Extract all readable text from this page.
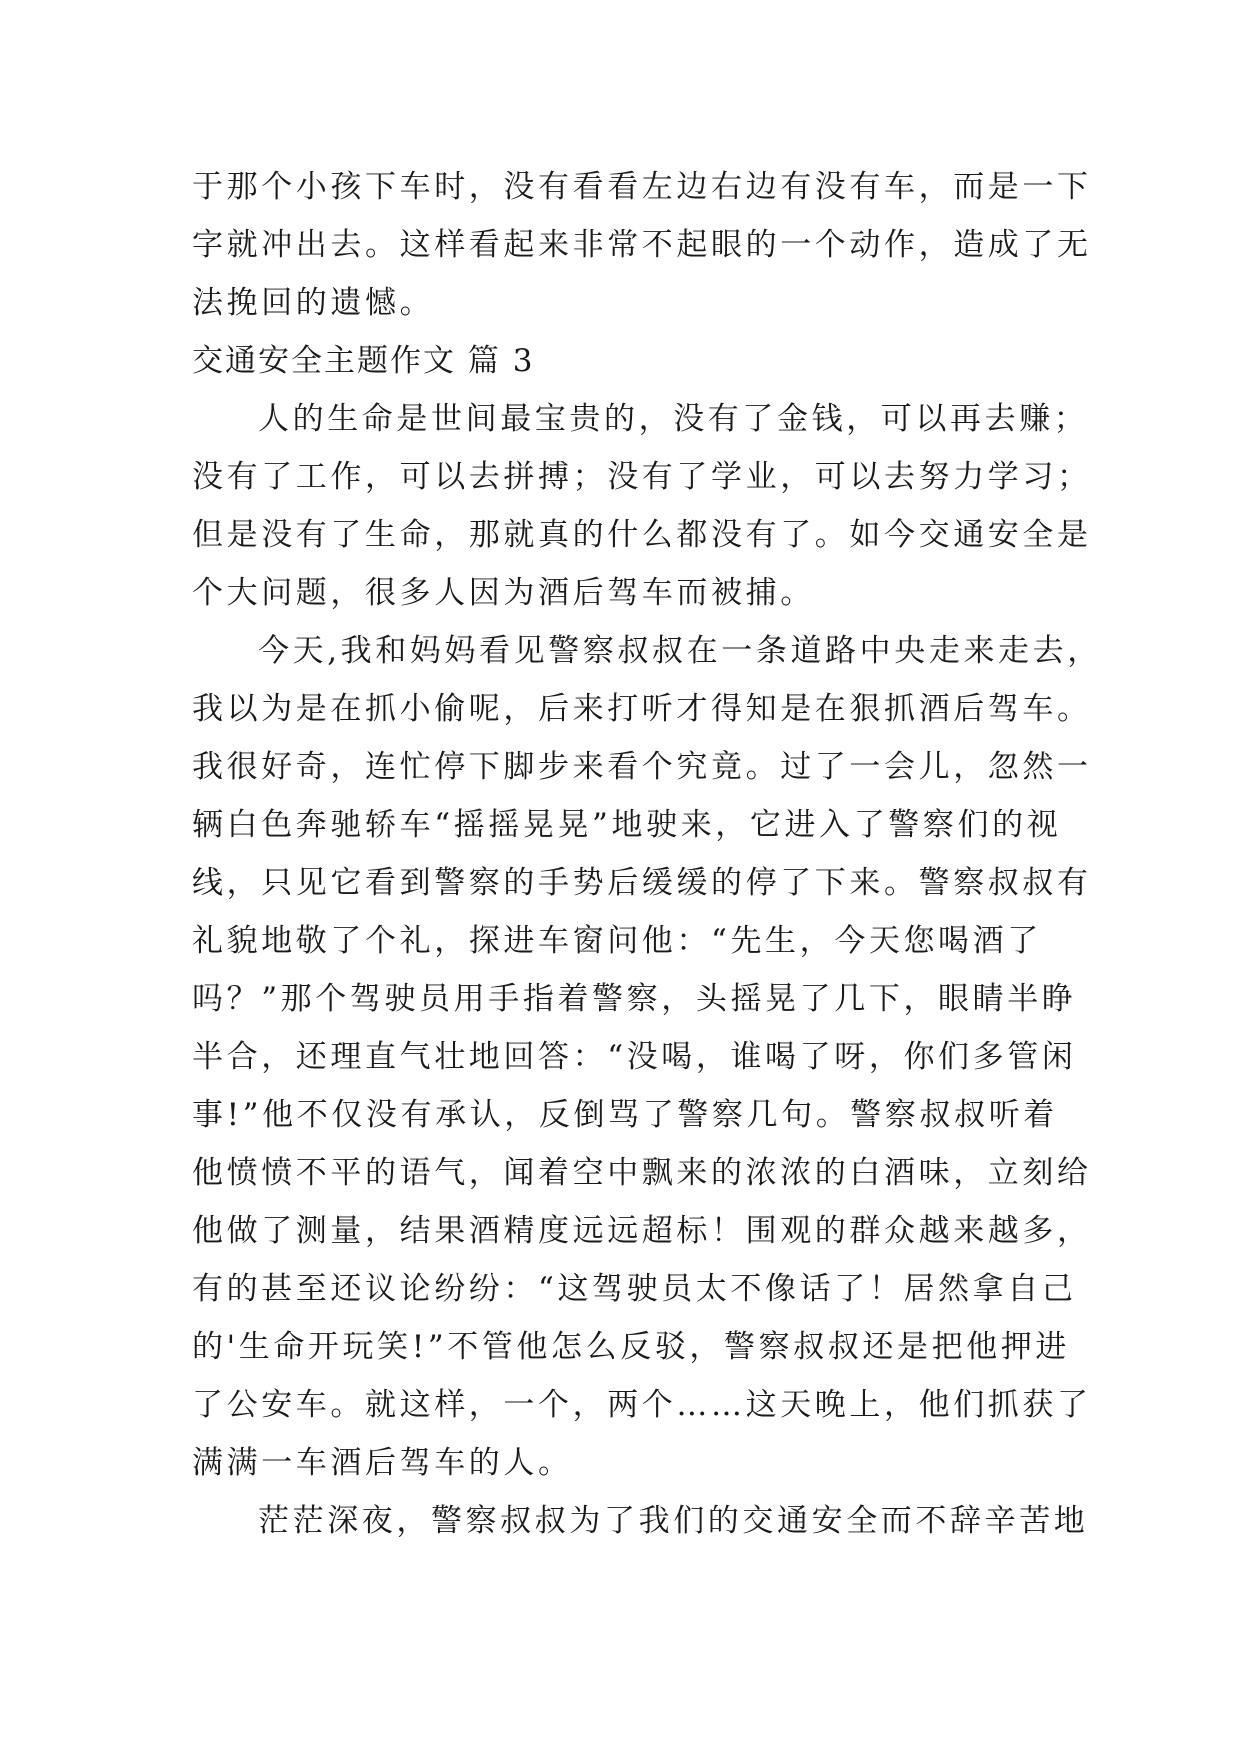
于那个小孩下车时，没有看看左边右边有没有车，而是一下
字就冲出去。这样看起来非常不起眼的一个动作，造成了无
法挽回的遗憾。
交通安全主题作文 篇 3
人的生命是世间最宝贵的，没有了金钱，可以再去赚；
没有了工作，可以去拼搏；没有了学业，可以去努力学习；
但是没有了生命，那就真的什么都没有了。如今交通安全是
个大问题，很多人因为酒后驾车而被捕。
今天,我和妈妈看见警察叔叔在一条道路中央走来走去，
我以为是在抓小偷呢，后来打听才得知是在狠抓酒后驾车。
我很好奇，连忙停下脚步来看个究竟。过了一会儿，忽然一
辆白色奔驰轿车“摇摇晃晃”地驶来，它进入了警察们的视
线，只见它看到警察的手势后缓缓的停了下来。警察叔叔有
礼貌地敬了个礼，探进车窗问他：“先生，今天您喝酒了
吗？”那个驾驶员用手指着警察，头摇晃了几下，眼睛半睁
半合，还理直气壮地回答：“没喝，谁喝了呀，你们多管闲
事!”他不仅没有承认，反倒骂了警察几句。警察叔叔听着
他愤愤不平的语气，闻着空中飘来的浓浓的白酒味，立刻给
他做了测量，结果酒精度远远超标！围观的群众越来越多，
有的甚至还议论纷纷：“这驾驶员太不像话了！居然拿自己
的'生命开玩笑!”不管他怎么反驳，警察叔叔还是把他押进
了公安车。就这样，一个，两个……这天晚上，他们抓获了
满满一车酒后驾车的人。
茫茫深夜，警察叔叔为了我们的交通安全而不辞辛苦地
